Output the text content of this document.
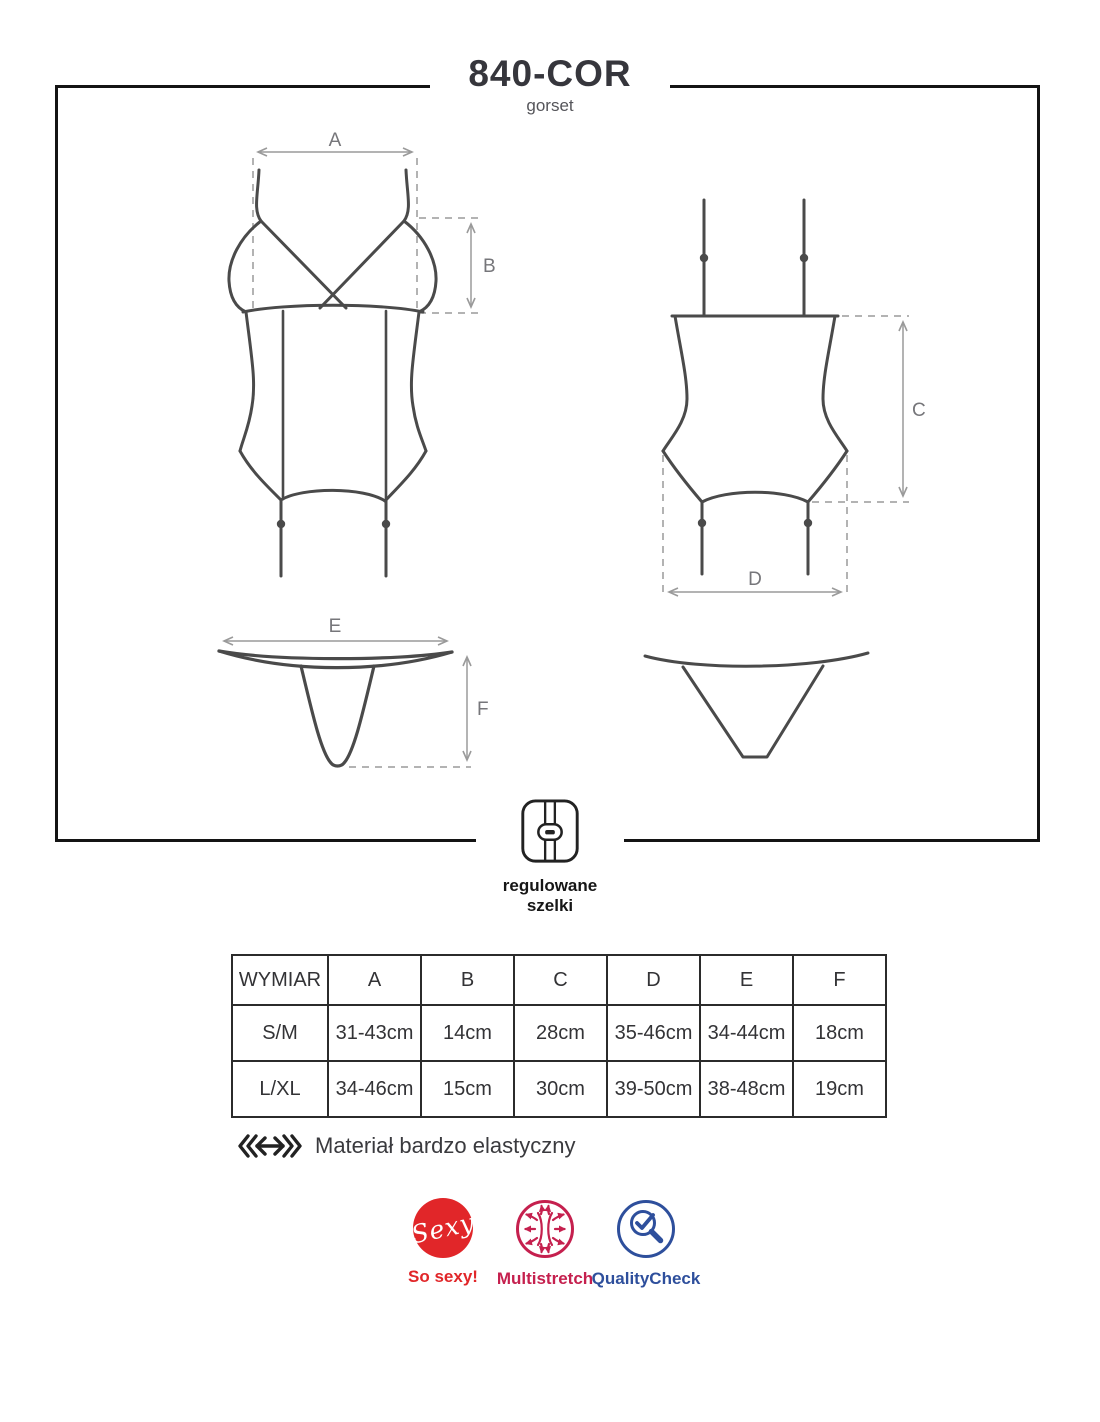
840-COR
gorset
A
B
C
D
E
F
regulowane
szelki
WYMIAR	A	B	C	D	E	F
S/M	31-43cm	14cm	28cm	35-46cm	34-44cm	18cm
L/XL	34-46cm	15cm	30cm	39-50cm	38-48cm	19cm
Materiał bardzo elastyczny
Sexy
So sexy! Multistretch
QualityCheck
